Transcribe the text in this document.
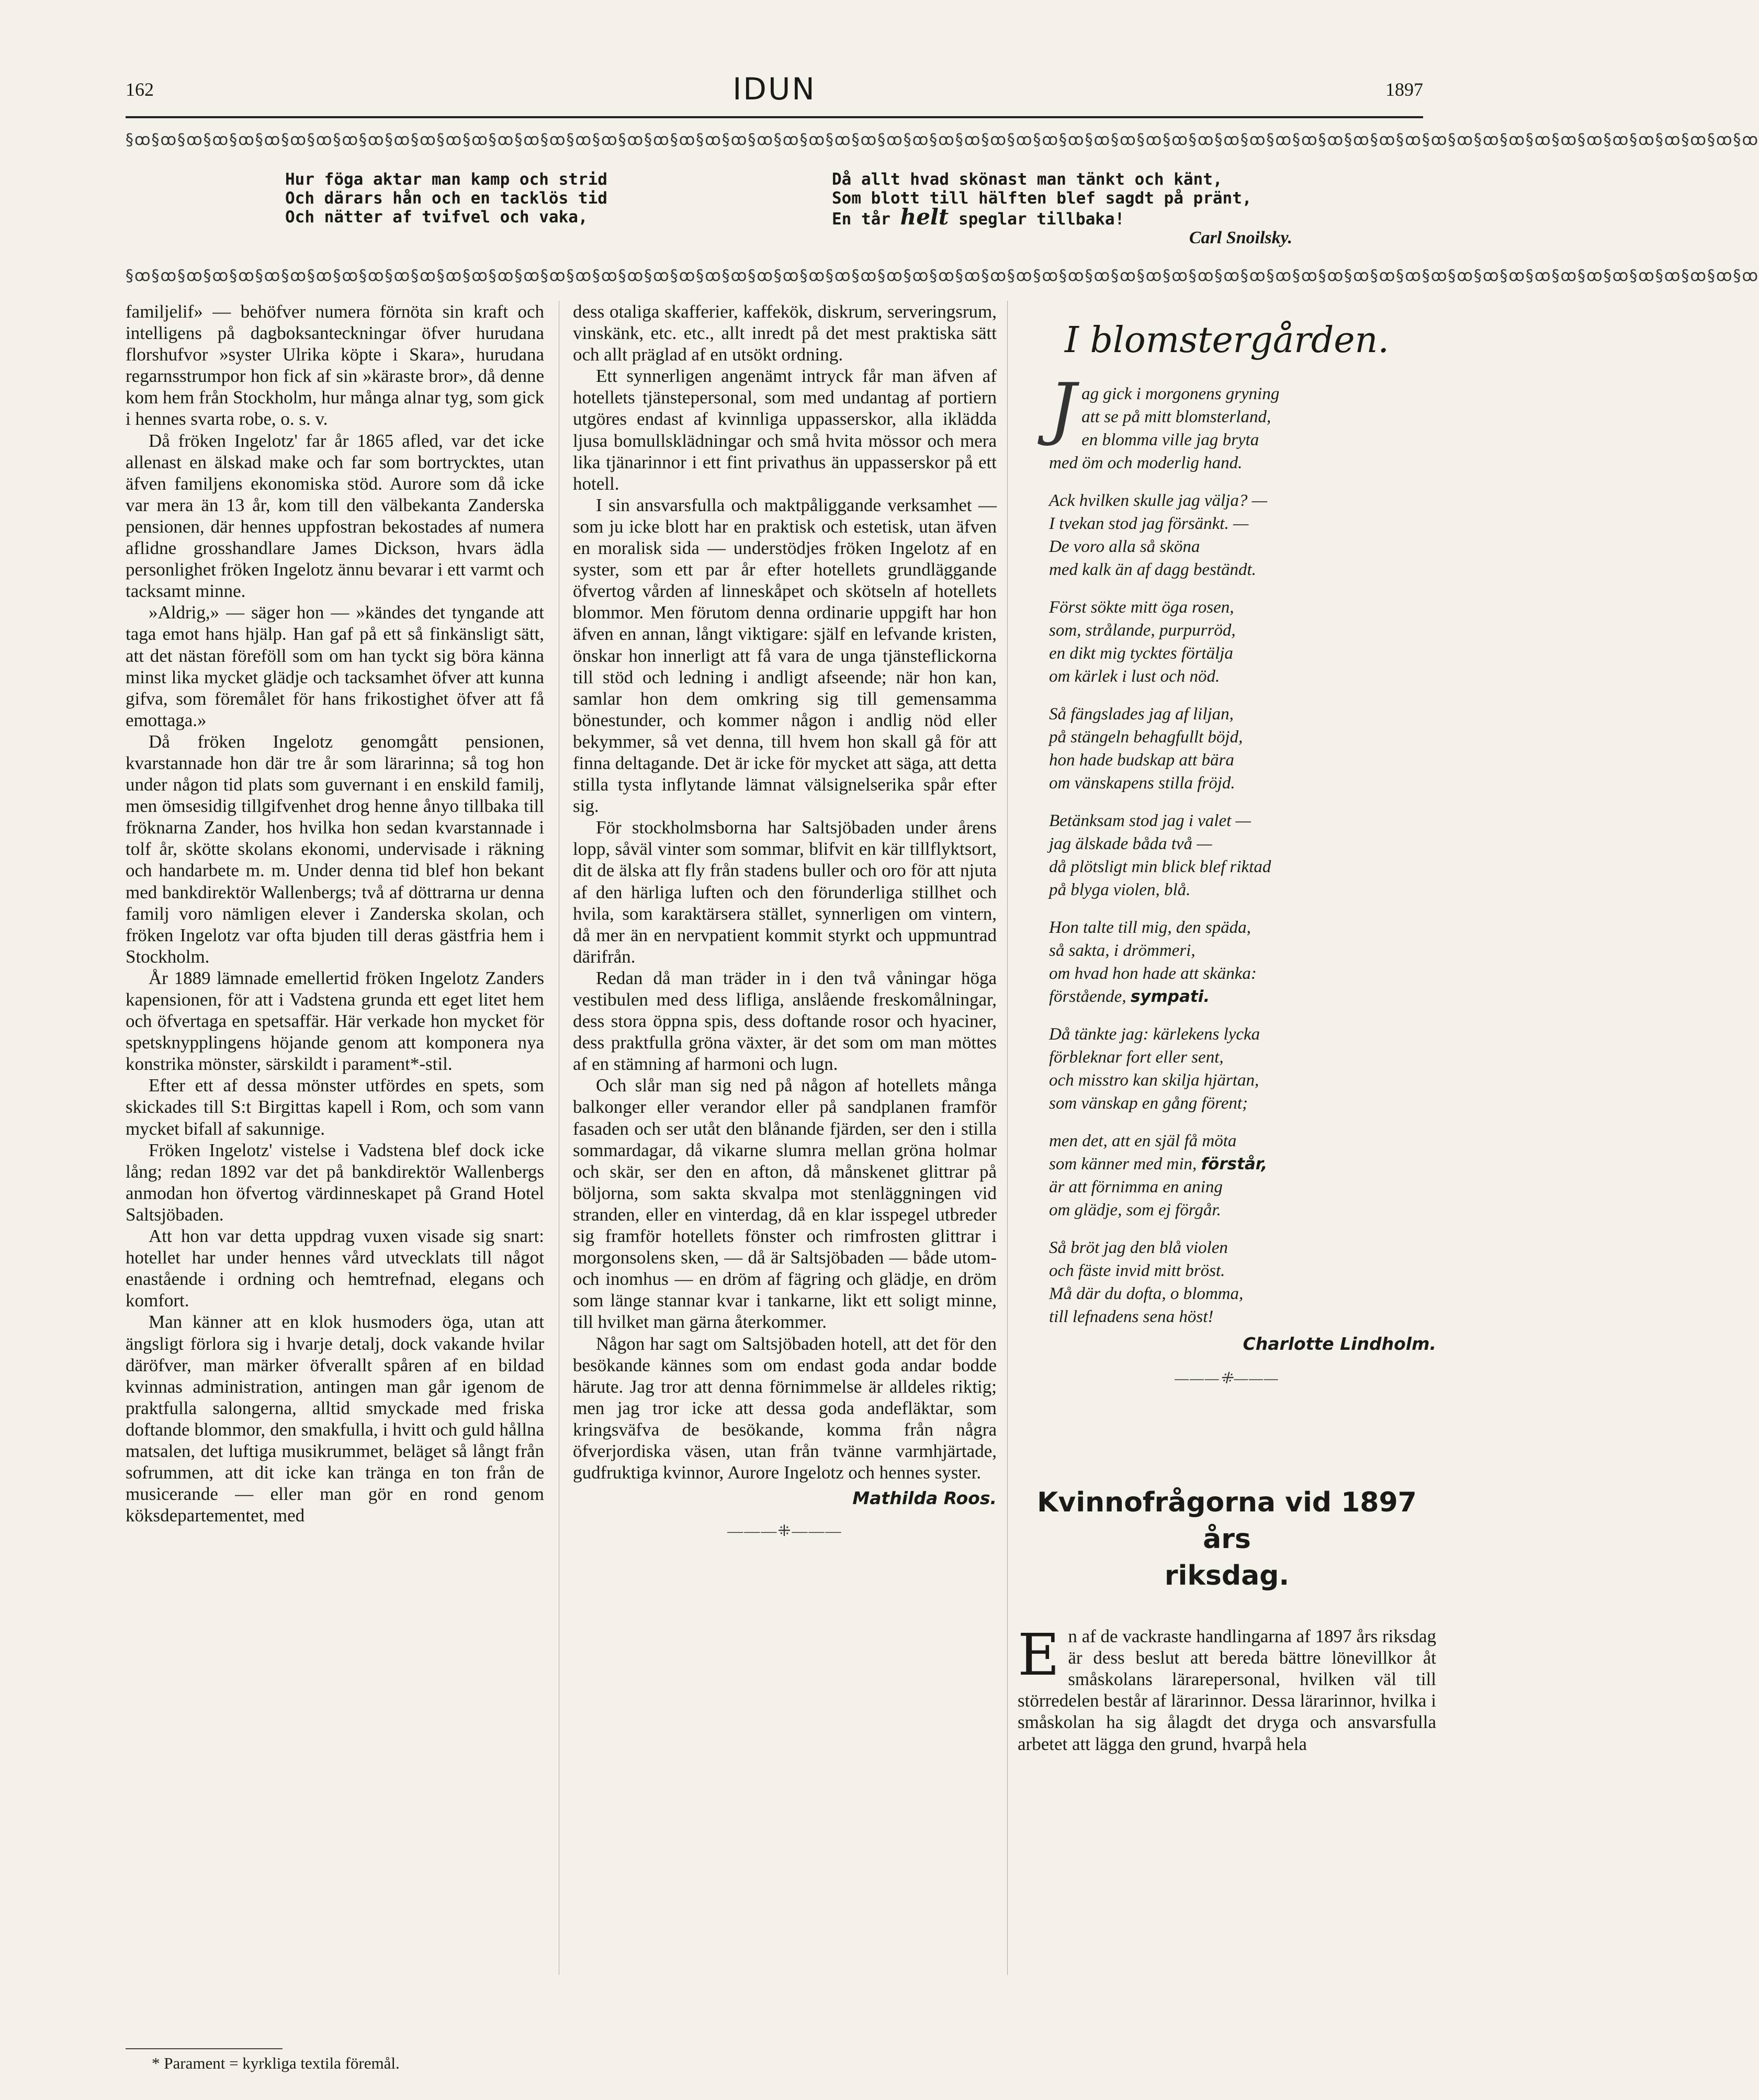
162	IDUN	1897
§ꝏ§ꝏ§ꝏ§ꝏ§ꝏ§ꝏ§ꝏ§ꝏ§ꝏ§ꝏ§ꝏ§ꝏ§ꝏ§ꝏ§ꝏ§ꝏ§ꝏ§ꝏ§ꝏ§ꝏ§ꝏ§ꝏ§ꝏ§ꝏ§ꝏ§ꝏ§ꝏ§ꝏ§ꝏ§ꝏ§ꝏ§ꝏ§ꝏ§ꝏ§ꝏ§ꝏ§ꝏ§ꝏ§ꝏ§ꝏ§ꝏ§ꝏ§ꝏ§ꝏ§ꝏ§ꝏ§ꝏ§ꝏ§ꝏ§ꝏ§ꝏ§ꝏ§ꝏ§ꝏ§ꝏ§ꝏ§ꝏ§ꝏ§ꝏ§ꝏ§ꝏ§ꝏ§ꝏ
Hur föga aktar man kamp och strid
Och därars hån och en tacklös tid
Och nätter af tvifvel och vaka,
Då allt hvad skönast man tänkt och känt,
Som blott till hälften blef sagdt på pränt,
En tår helt speglar tillbaka!
Carl Snoilsky.
§ꝏ§ꝏ§ꝏ§ꝏ§ꝏ§ꝏ§ꝏ§ꝏ§ꝏ§ꝏ§ꝏ§ꝏ§ꝏ§ꝏ§ꝏ§ꝏ§ꝏ§ꝏ§ꝏ§ꝏ§ꝏ§ꝏ§ꝏ§ꝏ§ꝏ§ꝏ§ꝏ§ꝏ§ꝏ§ꝏ§ꝏ§ꝏ§ꝏ§ꝏ§ꝏ§ꝏ§ꝏ§ꝏ§ꝏ§ꝏ§ꝏ§ꝏ§ꝏ§ꝏ§ꝏ§ꝏ§ꝏ§ꝏ§ꝏ§ꝏ§ꝏ§ꝏ§ꝏ§ꝏ§ꝏ§ꝏ§ꝏ§ꝏ§ꝏ§ꝏ§ꝏ§ꝏ§ꝏ

familjelif» — behöfver numera förnöta sin kraft och intelligens på dagboksanteckningar öfver hurudana florshufvor »syster Ulrika köpte i Skara», hurudana regarnsstrumpor hon fick af sin »käraste bror», då denne kom hem från Stockholm, hur många alnar tyg, som gick i hennes svarta robe, o. s. v.

Då fröken Ingelotz' far år 1865 afled, var det icke allenast en älskad make och far som bortrycktes, utan äfven familjens ekonomiska stöd. Aurore som då icke var mera än 13 år, kom till den välbekanta Zanderska pensionen, där hennes uppfostran bekostades af numera aflidne grosshandlare James Dickson, hvars ädla personlighet fröken Ingelotz ännu bevarar i ett varmt och tacksamt minne.

»Aldrig,» — säger hon — »kändes det tyngande att taga emot hans hjälp. Han gaf på ett så finkänsligt sätt, att det nästan föreföll som om han tyckt sig böra känna minst lika mycket glädje och tacksamhet öfver att kunna gifva, som föremålet för hans frikostighet öfver att få emottaga.»

Då fröken Ingelotz genomgått pensionen, kvarstannade hon där tre år som lärarinna; så tog hon under någon tid plats som guvernant i en enskild familj, men ömsesidig tillgifvenhet drog henne ånyo tillbaka till fröknarna Zander, hos hvilka hon sedan kvarstannade i tolf år, skötte skolans ekonomi, undervisade i räkning och handarbete m. m. Under denna tid blef hon bekant med bankdirektör Wallenbergs; två af döttrarna ur denna familj voro nämligen elever i Zanderska skolan, och fröken Ingelotz var ofta bjuden till deras gästfria hem i Stockholm.

År 1889 lämnade emellertid fröken Ingelotz Zanders kapensionen, för att i Vadstena grunda ett eget litet hem och öfvertaga en spetsaffär. Här verkade hon mycket för spetsknypplingens höjande genom att komponera nya konstrika mönster, särskildt i parament*-stil.

Efter ett af dessa mönster utfördes en spets, som skickades till S:t Birgittas kapell i Rom, och som vann mycket bifall af sakunnige.

Fröken Ingelotz' vistelse i Vadstena blef dock icke lång; redan 1892 var det på bankdirektör Wallenbergs anmodan hon öfvertog värdinneskapet på Grand Hotel Saltsjöbaden.

Att hon var detta uppdrag vuxen visade sig snart: hotellet har under hennes vård utvecklats till något enastående i ordning och hemtrefnad, elegans och komfort.

Man känner att en klok husmoders öga, utan att ängsligt förlora sig i hvarje detalj, dock vakande hvilar däröfver, man märker öfverallt spåren af en bildad kvinnas administration, antingen man går igenom de praktfulla salongerna, alltid smyckade med friska doftande blommor, den smakfulla, i hvitt och guld hållna matsalen, det luftiga musikrummet, beläget så långt från sofrummen, att dit icke kan tränga en ton från de musicerande — eller man gör en rond genom köksdepartementet, med

* Parament = kyrkliga textila föremål.

dess otaliga skafferier, kaffekök, diskrum, serveringsrum, vinskänk, etc. etc., allt inredt på det mest praktiska sätt och allt präglad af en utsökt ordning.

Ett synnerligen angenämt intryck får man äfven af hotellets tjänstepersonal, som med undantag af portiern utgöres endast af kvinnliga uppasserskor, alla iklädda ljusa bomullsklädningar och små hvita mössor och mera lika tjänarinnor i ett fint privathus än uppasserskor på ett hotell.

I sin ansvarsfulla och maktpåliggande verksamhet — som ju icke blott har en praktisk och estetisk, utan äfven en moralisk sida — understödjes fröken Ingelotz af en syster, som ett par år efter hotellets grundläggande öfvertog vården af linneskåpet och skötseln af hotellets blommor. Men förutom denna ordinarie uppgift har hon äfven en annan, långt viktigare: själf en lefvande kristen, önskar hon innerligt att få vara de unga tjänsteflickorna till stöd och ledning i andligt afseende; när hon kan, samlar hon dem omkring sig till gemensamma bönestunder, och kommer någon i andlig nöd eller bekymmer, så vet denna, till hvem hon skall gå för att finna deltagande. Det är icke för mycket att säga, att detta stilla tysta inflytande lämnat välsignelserika spår efter sig.

För stockholmsborna har Saltsjöbaden under årens lopp, såväl vinter som sommar, blifvit en kär tillflyktsort, dit de älska att fly från stadens buller och oro för att njuta af den härliga luften och den förunderliga stillhet och hvila, som karaktärsera stället, synnerligen om vintern, då mer än en nervpatient kommit styrkt och uppmuntrad därifrån.

Redan då man träder in i den två våningar höga vestibulen med dess lifliga, anslående freskomålningar, dess stora öppna spis, dess doftande rosor och hyaciner, dess praktfulla gröna växter, är det som om man möttes af en stämning af harmoni och lugn.

Och slår man sig ned på någon af hotellets många balkonger eller verandor eller på sandplanen framför fasaden och ser utåt den blånande fjärden, ser den i stilla sommardagar, då vikarne slumra mellan gröna holmar och skär, ser den en afton, då månskenet glittrar på böljorna, som sakta skvalpa mot stenläggningen vid stranden, eller en vinterdag, då en klar isspegel utbreder sig framför hotellets fönster och rimfrosten glittrar i morgonsolens sken, — då är Saltsjöbaden — både utom- och inomhus — en dröm af fägring och glädje, en dröm som länge stannar kvar i tankarne, likt ett soligt minne, till hvilket man gärna återkommer.

Någon har sagt om Saltsjöbaden hotell, att det för den besökande kännes som om endast goda andar bodde härute. Jag tror att denna förnimmelse är alldeles riktig; men jag tror icke att dessa goda andefläktar, som kringsväfva de besökande, komma från några öfverjordiska väsen, utan från tvänne varmhjärtade, gudfruktiga kvinnor, Aurore Ingelotz och hennes syster.

Mathilda Roos.
———⁜———
I blomstergården.
J ag gick i morgonens gryning
att se på mitt blomsterland,
en blomma ville jag bryta
med öm och moderlig hand.
Ack hvilken skulle jag välja? —
I tvekan stod jag försänkt. —
De voro alla så sköna
med kalk än af dagg beständt.
Först sökte mitt öga rosen,
som, strålande, purpurröd,
en dikt mig tycktes förtälja
om kärlek i lust och nöd.
Så fängslades jag af liljan,
på stängeln behagfullt böjd,
hon hade budskap att bära
om vänskapens stilla fröjd.
Betänksam stod jag i valet —
jag älskade båda två —
då plötsligt min blick blef riktad
på blyga violen, blå.
Hon talte till mig, den späda,
så sakta, i drömmeri,
om hvad hon hade att skänka:
förstående, sympati.
Då tänkte jag: kärlekens lycka
förbleknar fort eller sent,
och misstro kan skilja hjärtan,
som vänskap en gång förent;
men det, att en själ få möta
som känner med min, förstår,
är att förnimma en aning
om glädje, som ej förgår.
Så bröt jag den blå violen
och fäste invid mitt bröst.
Må där du dofta, o blomma,
till lefnadens sena höst!
Charlotte Lindholm.
———⁜———
Kvinnofrågorna vid 1897 års
riksdag.

En af de vackraste handlingarna af 1897 års riksdag är dess beslut att bereda bättre lönevillkor åt småskolans lärarepersonal, hvilken väl till störredelen består af lärarinnor. Dessa lärarinnor, hvilka i småskolan ha sig ålagdt det dryga och ansvarsfulla arbetet att lägga den grund, hvarpå hela
